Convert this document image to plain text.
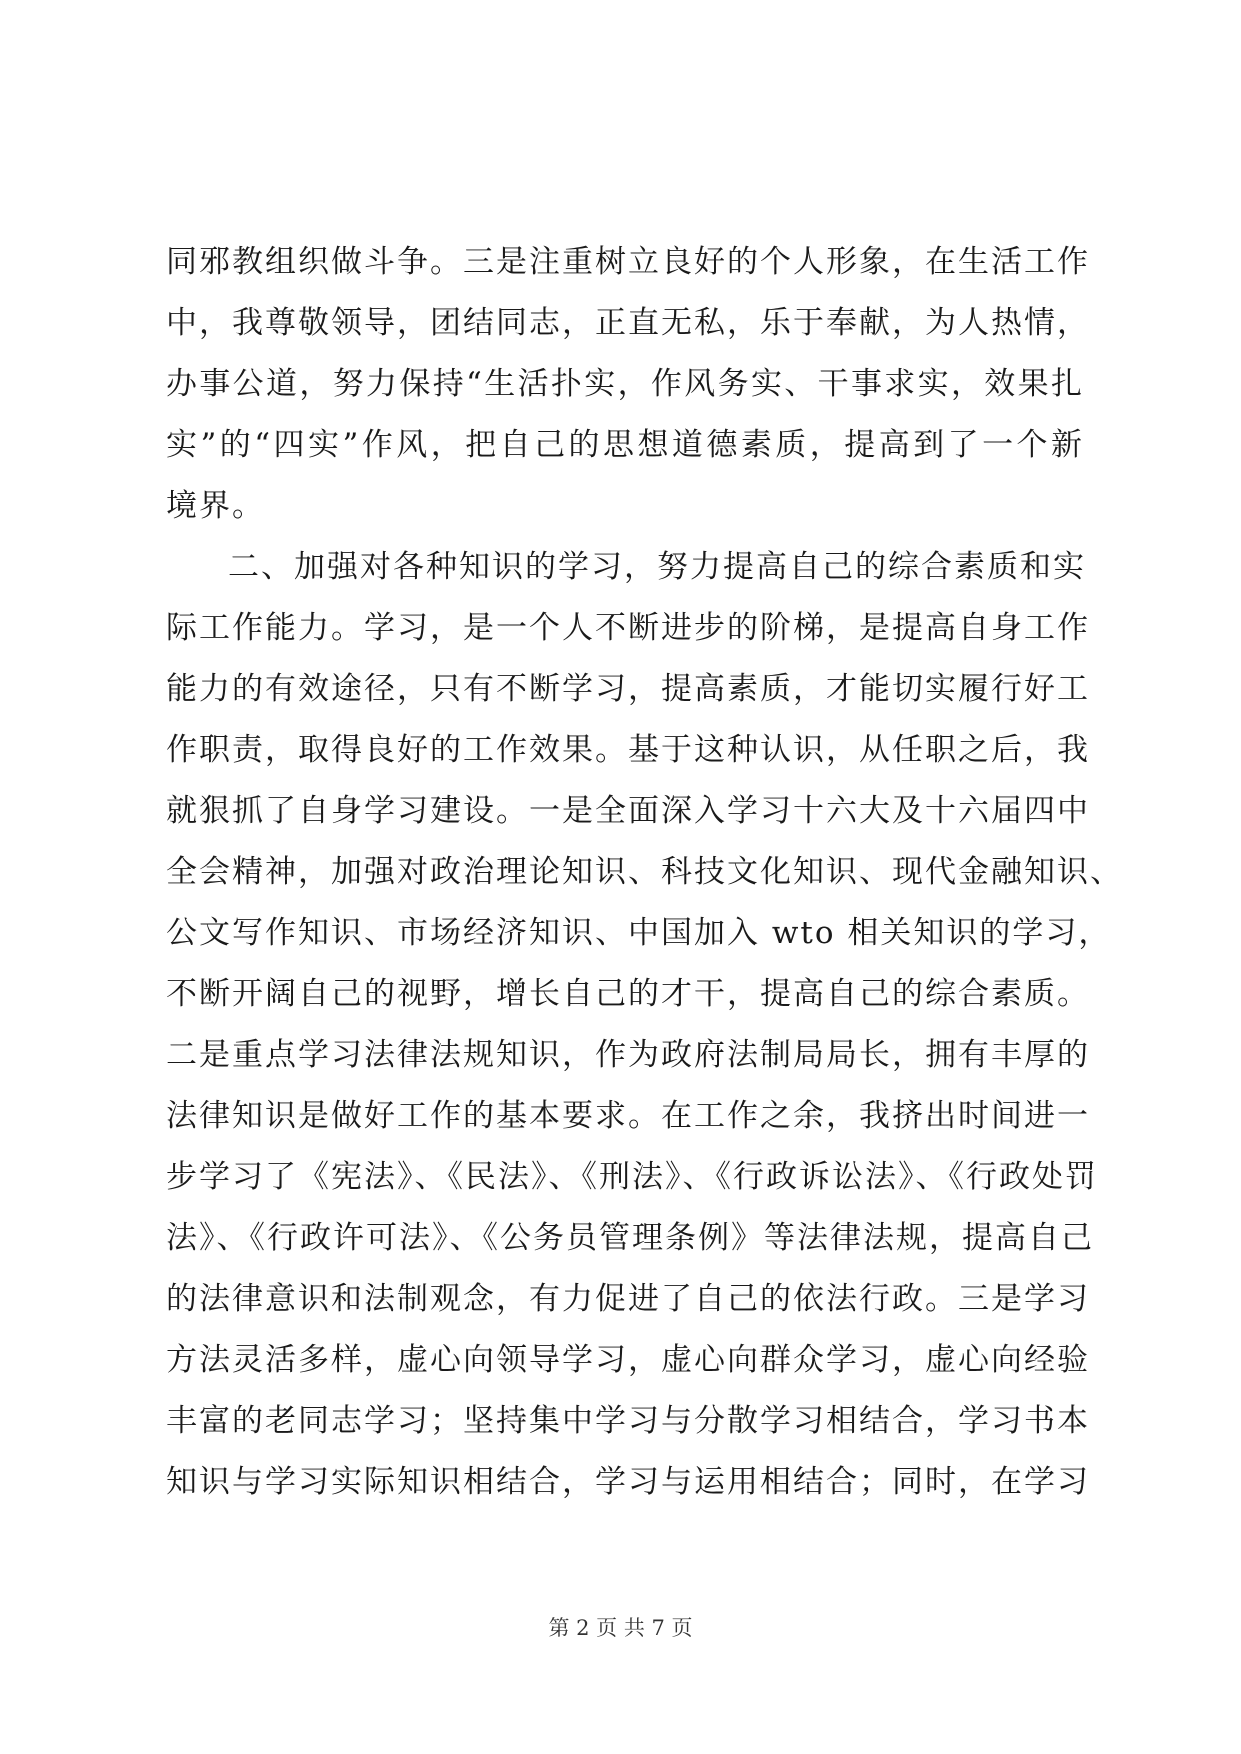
同邪教组织做斗争。三是注重树立良好的个人形象，在生活工作
中，我尊敬领导，团结同志，正直无私，乐于奉献，为人热情，
办事公道，努力保持“生活扑实，作风务实、干事求实，效果扎
实”的“四实”作风，把自己的思想道德素质，提高到了一个新
境界。
二、加强对各种知识的学习，努力提高自己的综合素质和实
际工作能力。学习，是一个人不断进步的阶梯，是提高自身工作
能力的有效途径，只有不断学习，提高素质，才能切实履行好工
作职责，取得良好的工作效果。基于这种认识，从任职之后，我
就狠抓了自身学习建设。一是全面深入学习十六大及十六届四中
全会精神，加强对政治理论知识、科技文化知识、现代金融知识、
公文写作知识、市场经济知识、中国加入 wto 相关知识的学习，
不断开阔自己的视野，增长自己的才干，提高自己的综合素质。
二是重点学习法律法规知识，作为政府法制局局长，拥有丰厚的
法律知识是做好工作的基本要求。在工作之余，我挤出时间进一
步学习了《宪法》、《民法》、《刑法》、《行政诉讼法》、《行政处罚
法》、《行政许可法》、《公务员管理条例》等法律法规，提高自己
的法律意识和法制观念，有力促进了自己的依法行政。三是学习
方法灵活多样，虚心向领导学习，虚心向群众学习，虚心向经验
丰富的老同志学习；坚持集中学习与分散学习相结合，学习书本
知识与学习实际知识相结合，学习与运用相结合；同时，在学习
第 2 页 共 7 页
